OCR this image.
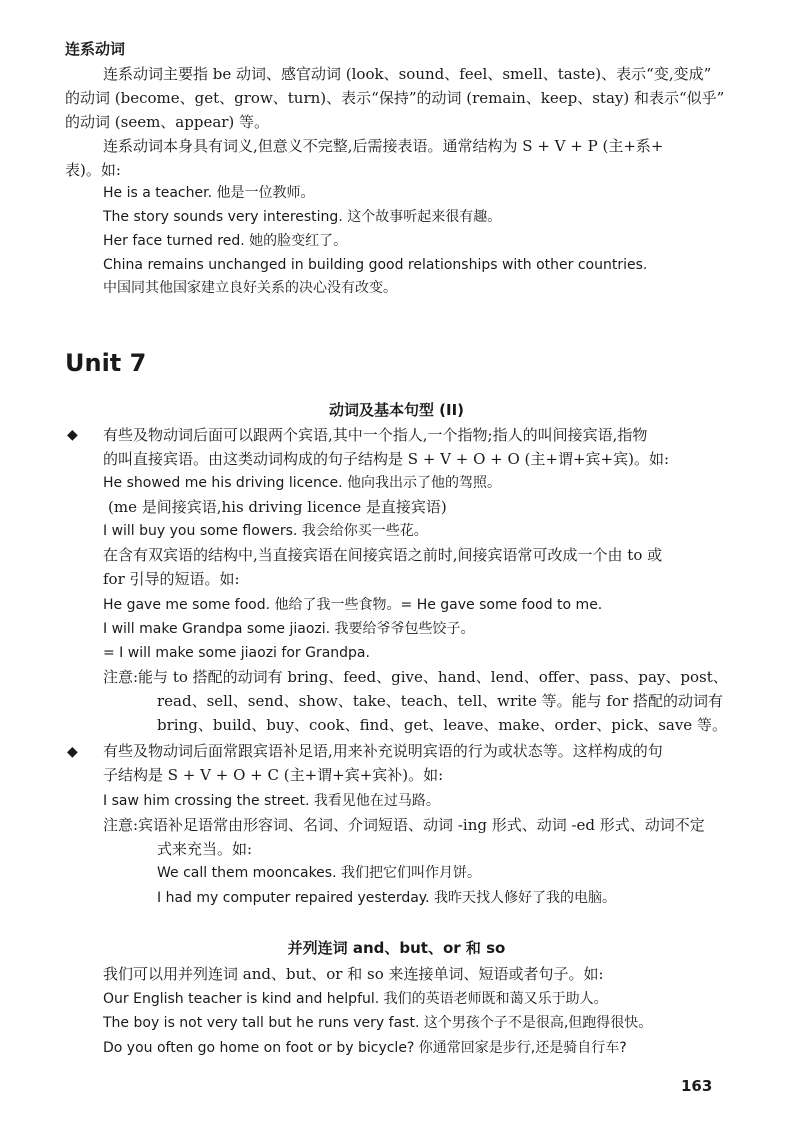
连系动词
连系动词主要指 be 动词、感官动词 (look、sound、feel、smell、taste)、表示“变,变成”
的动词 (become、get、grow、turn)、表示“保持”的动词 (remain、keep、stay) 和表示“似乎”
的动词 (seem、appear) 等。
连系动词本身具有词义,但意义不完整,后需接表语。通常结构为 S + V + P (主+系+
表)。如:
He is a teacher. 他是一位教师。
The story sounds very interesting. 这个故事听起来很有趣。
Her face turned red. 她的脸变红了。
China remains unchanged in building good relationships with other countries.
中国同其他国家建立良好关系的决心没有改变。
Unit 7
动词及基本句型 (II)
◆ 有些及物动词后面可以跟两个宾语,其中一个指人,一个指物;指人的叫间接宾语,指物
的叫直接宾语。由这类动词构成的句子结构是 S + V + O + O (主+谓+宾+宾)。如:
He showed me his driving licence. 他向我出示了他的驾照。
(me 是间接宾语,his driving licence 是直接宾语)
I will buy you some flowers. 我会给你买一些花。
在含有双宾语的结构中,当直接宾语在间接宾语之前时,间接宾语常可改成一个由 to 或
for 引导的短语。如:
He gave me some food. 他给了我一些食物。= He gave some food to me.
I will make Grandpa some jiaozi. 我要给爷爷包些饺子。
= I will make some jiaozi for Grandpa.
注意:能与 to 搭配的动词有 bring、feed、give、hand、lend、offer、pass、pay、post、
read、sell、send、show、take、teach、tell、write 等。能与 for 搭配的动词有
bring、build、buy、cook、find、get、leave、make、order、pick、save 等。
◆ 有些及物动词后面常跟宾语补足语,用来补充说明宾语的行为或状态等。这样构成的句
子结构是 S + V + O + C (主+谓+宾+宾补)。如:
I saw him crossing the street. 我看见他在过马路。
注意:宾语补足语常由形容词、名词、介词短语、动词 -ing 形式、动词 -ed 形式、动词不定
式来充当。如:
We call them mooncakes. 我们把它们叫作月饼。
I had my computer repaired yesterday. 我昨天找人修好了我的电脑。
并列连词 and、but、or 和 so
我们可以用并列连词 and、but、or 和 so 来连接单词、短语或者句子。如:
Our English teacher is kind and helpful. 我们的英语老师既和蔼又乐于助人。
The boy is not very tall but he runs very fast. 这个男孩个子不是很高,但跑得很快。
Do you often go home on foot or by bicycle? 你通常回家是步行,还是骑自行车?
163
